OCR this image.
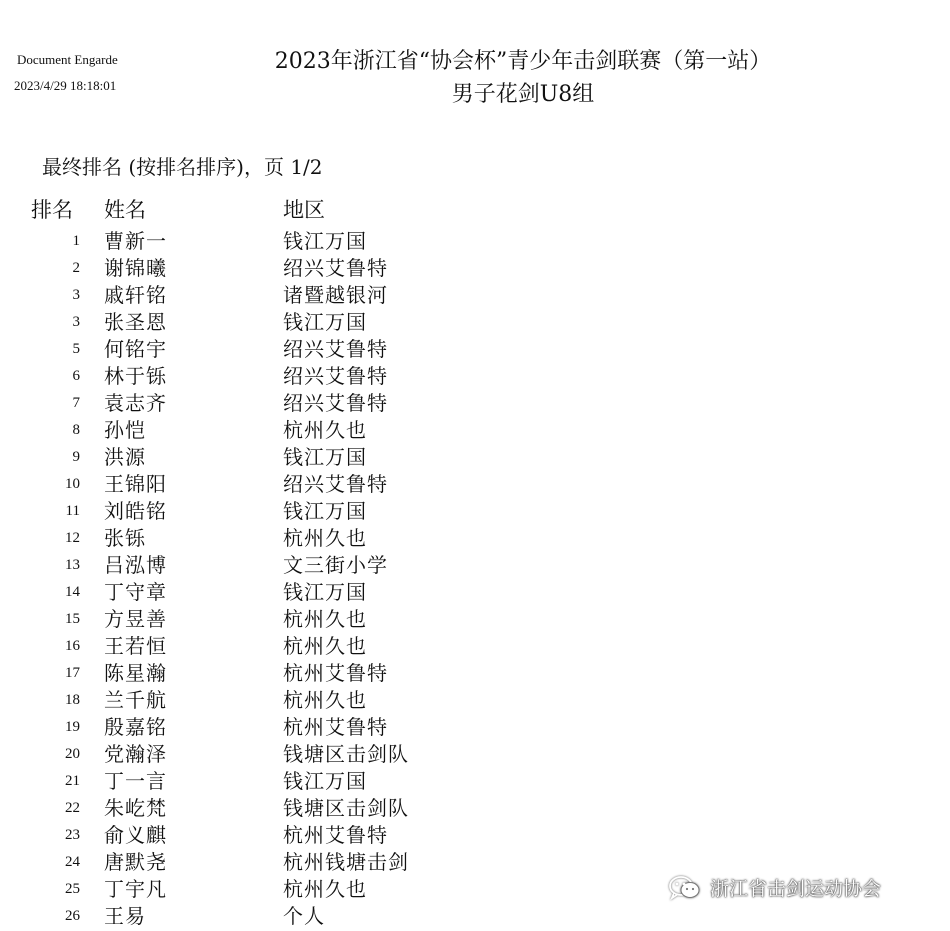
Document Engarde
2023/4/29 18:18:01
2023年浙江省“协会杯”青少年击剑联赛（第一站）
男子花剑U8组
最终排名 (按排名排序)，页 1/2
排名 姓名	地区
1 曹新一	钱江万国
2 谢锦曦	绍兴艾鲁特
3 戚轩铭	诸暨越银河
3 张圣恩	钱江万国
5 何铭宇	绍兴艾鲁特
6 林于铄	绍兴艾鲁特
7 袁志齐	绍兴艾鲁特
8 孙恺	杭州久也
9 洪源	钱江万国
10 王锦阳	绍兴艾鲁特
11 刘皓铭	钱江万国
12 张铄	杭州久也
13 吕泓博	文三街小学
14 丁守章	钱江万国
15 方昱善	杭州久也
16 王若恒	杭州久也
17 陈星瀚	杭州艾鲁特
18 兰千航	杭州久也
19 殷嘉铭	杭州艾鲁特
20 党瀚泽	钱塘区击剑队
21 丁一言	钱江万国
22 朱屹梵	钱塘区击剑队
23 俞义麒	杭州艾鲁特
24 唐默尧	杭州钱塘击剑
25 丁宇凡	杭州久也
26 王易	个人
浙江省击剑运动协会
